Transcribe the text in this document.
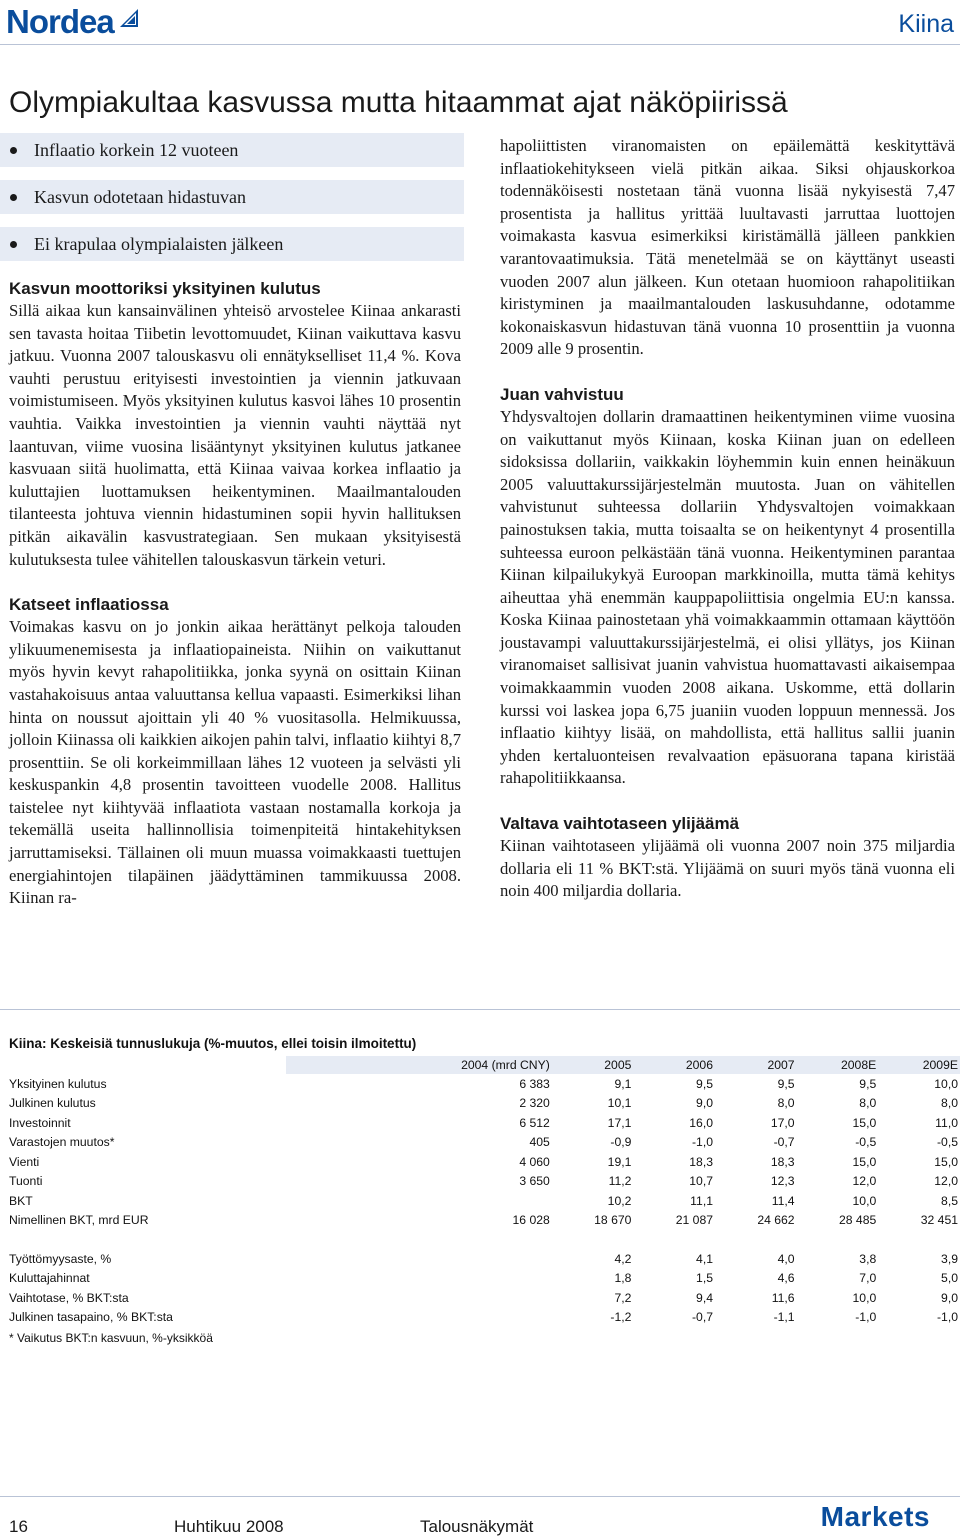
Nordea	Kiina
Olympiakultaa kasvussa mutta hitaammat ajat näköpiirissä
Inflaatio korkein 12 vuoteen
Kasvun odotetaan hidastuvan
Ei krapulaa olympialaisten jälkeen
Kasvun moottoriksi yksityinen kulutus

Sillä aikaa kun kansainvälinen yhteisö arvostelee Kiinaa ankarasti sen tavasta hoitaa Tiibetin levottomuudet, Kiinan vaikuttava kasvu jatkuu. Vuonna 2007 talouskasvu oli ennätykselliset 11,4 %. Kova vauhti perustuu erityisesti investointien ja viennin jatkuvaan voimistumiseen. Myös yksityinen kulutus kasvoi lähes 10 prosentin vauhtia. Vaikka investointien ja viennin vauhti näyttää nyt laantuvan, viime vuosina lisääntynyt yksityinen kulutus jatkanee kasvuaan siitä huolimatta, että Kiinaa vaivaa korkea inflaatio ja kuluttajien luottamuksen heikentyminen. Maailmantalouden tilanteesta johtuva viennin hidastuminen sopii hyvin hallituksen pitkän aikavälin kasvustrategiaan. Sen mukaan yksityisestä kulutuksesta tulee vähitellen talouskasvun tärkein veturi.

Katseet inflaatiossa

Voimakas kasvu on jo jonkin aikaa herättänyt pelkoja talouden ylikuumenemisesta ja inflaatiopaineista. Niihin on vaikuttanut myös hyvin kevyt rahapolitiikka, jonka syynä on osittain Kiinan vastahakoisuus antaa valuuttansa kellua vapaasti. Esimerkiksi lihan hinta on noussut ajoittain yli 40 % vuositasolla. Helmikuussa, jolloin Kiinassa oli kaikkien aikojen pahin talvi, inflaatio kiihtyi 8,7 prosenttiin. Se oli korkeimmillaan lähes 12 vuoteen ja selvästi yli keskuspankin 4,8 prosentin tavoitteen vuodelle 2008. Hallitus taistelee nyt kiihtyvää inflaatiota vastaan nostamalla korkoja ja tekemällä useita hallinnollisia toimenpiteitä hintakehityksen jarruttamiseksi. Tällainen oli muun muassa voimakkaasti tuettujen energiahintojen tilapäinen jäädyttäminen tammikuussa 2008. Kiinan ra-

hapoliittisten viranomaisten on epäilemättä keskityttävä inflaatiokehitykseen vielä pitkän aikaa. Siksi ohjauskorkoa todennäköisesti nostetaan tänä vuonna lisää nykyisestä 7,47 prosentista ja hallitus yrittää luultavasti jarruttaa luottojen voimakasta kasvua esimerkiksi kiristämällä jälleen pankkien varantovaatimuksia. Tätä menetelmää se on käyttänyt useasti vuoden 2007 alun jälkeen. Kun otetaan huomioon rahapolitiikan kiristyminen ja maailmantalouden laskusuhdanne, odotamme kokonaiskasvun hidastuvan tänä vuonna 10 prosenttiin ja vuonna 2009 alle 9 prosentin.

Juan vahvistuu

Yhdysvaltojen dollarin dramaattinen heikentyminen viime vuosina on vaikuttanut myös Kiinaan, koska Kiinan juan on edelleen sidoksissa dollariin, vaikkakin löyhemmin kuin ennen heinäkuun 2005 valuuttakurssijärjestelmän muutosta. Juan on vähitellen vahvistunut suhteessa dollariin Yhdysvaltojen voimakkaan painostuksen takia, mutta toisaalta se on heikentynyt 4 prosentilla suhteessa euroon pelkästään tänä vuonna. Heikentyminen parantaa Kiinan kilpailukykyä Euroopan markkinoilla, mutta tämä kehitys aiheuttaa yhä enemmän kauppapoliittisia ongelmia EU:n kanssa. Koska Kiinaa painostetaan yhä voimakkaammin ottamaan käyttöön joustavampi valuuttakurssijärjestelmä, ei olisi yllätys, jos Kiinan viranomaiset sallisivat juanin vahvistua huomattavasti aikaisempaa voimakkaammin vuoden 2008 aikana. Uskomme, että dollarin kurssi voi laskea jopa 6,75 juaniin vuoden loppuun mennessä. Jos inflaatio kiihtyy lisää, on mahdollista, että hallitus sallii juanin yhden kertaluonteisen revalvaation epäsuorana tapana kiristää rahapolitiikkaansa.

Valtava vaihtotaseen ylijäämä

Kiinan vaihtotaseen ylijäämä oli vuonna 2007 noin 375 miljardia dollaria eli 11 % BKT:stä. Ylijäämä on suuri myös tänä vuonna eli noin 400 miljardia dollaria.

Kiina: Keskeisiä tunnuslukuja (%-muutos, ellei toisin ilmoitettu)
	2004 (mrd CNY)	2005	2006	2007	2008E	2009E
Yksityinen kulutus	6 383	9,1	9,5	9,5	9,5	10,0
Julkinen kulutus	2 320	10,1	9,0	8,0	8,0	8,0
Investoinnit	6 512	17,1	16,0	17,0	15,0	11,0
Varastojen muutos*	405	-0,9	-1,0	-0,7	-0,5	-0,5
Vienti	4 060	19,1	18,3	18,3	15,0	15,0
Tuonti	3 650	11,2	10,7	12,3	12,0	12,0
BKT		10,2	11,1	11,4	10,0	8,5
Nimellinen BKT, mrd EUR	16 028	18 670	21 087	24 662	28 485	32 451

Työttömyysaste, %		4,2	4,1	4,0	3,8	3,9
Kuluttajahinnat		1,8	1,5	4,6	7,0	5,0
Vaihtotase, % BKT:sta		7,2	9,4	11,6	10,0	9,0
Julkinen tasapaino, % BKT:sta		-1,2	-0,7	-1,1	-1,0	-1,0
* Vaikutus BKT:n kasvuun, %-yksikköä
16	Huhtikuu 2008	Talousnäkymät	Markets
